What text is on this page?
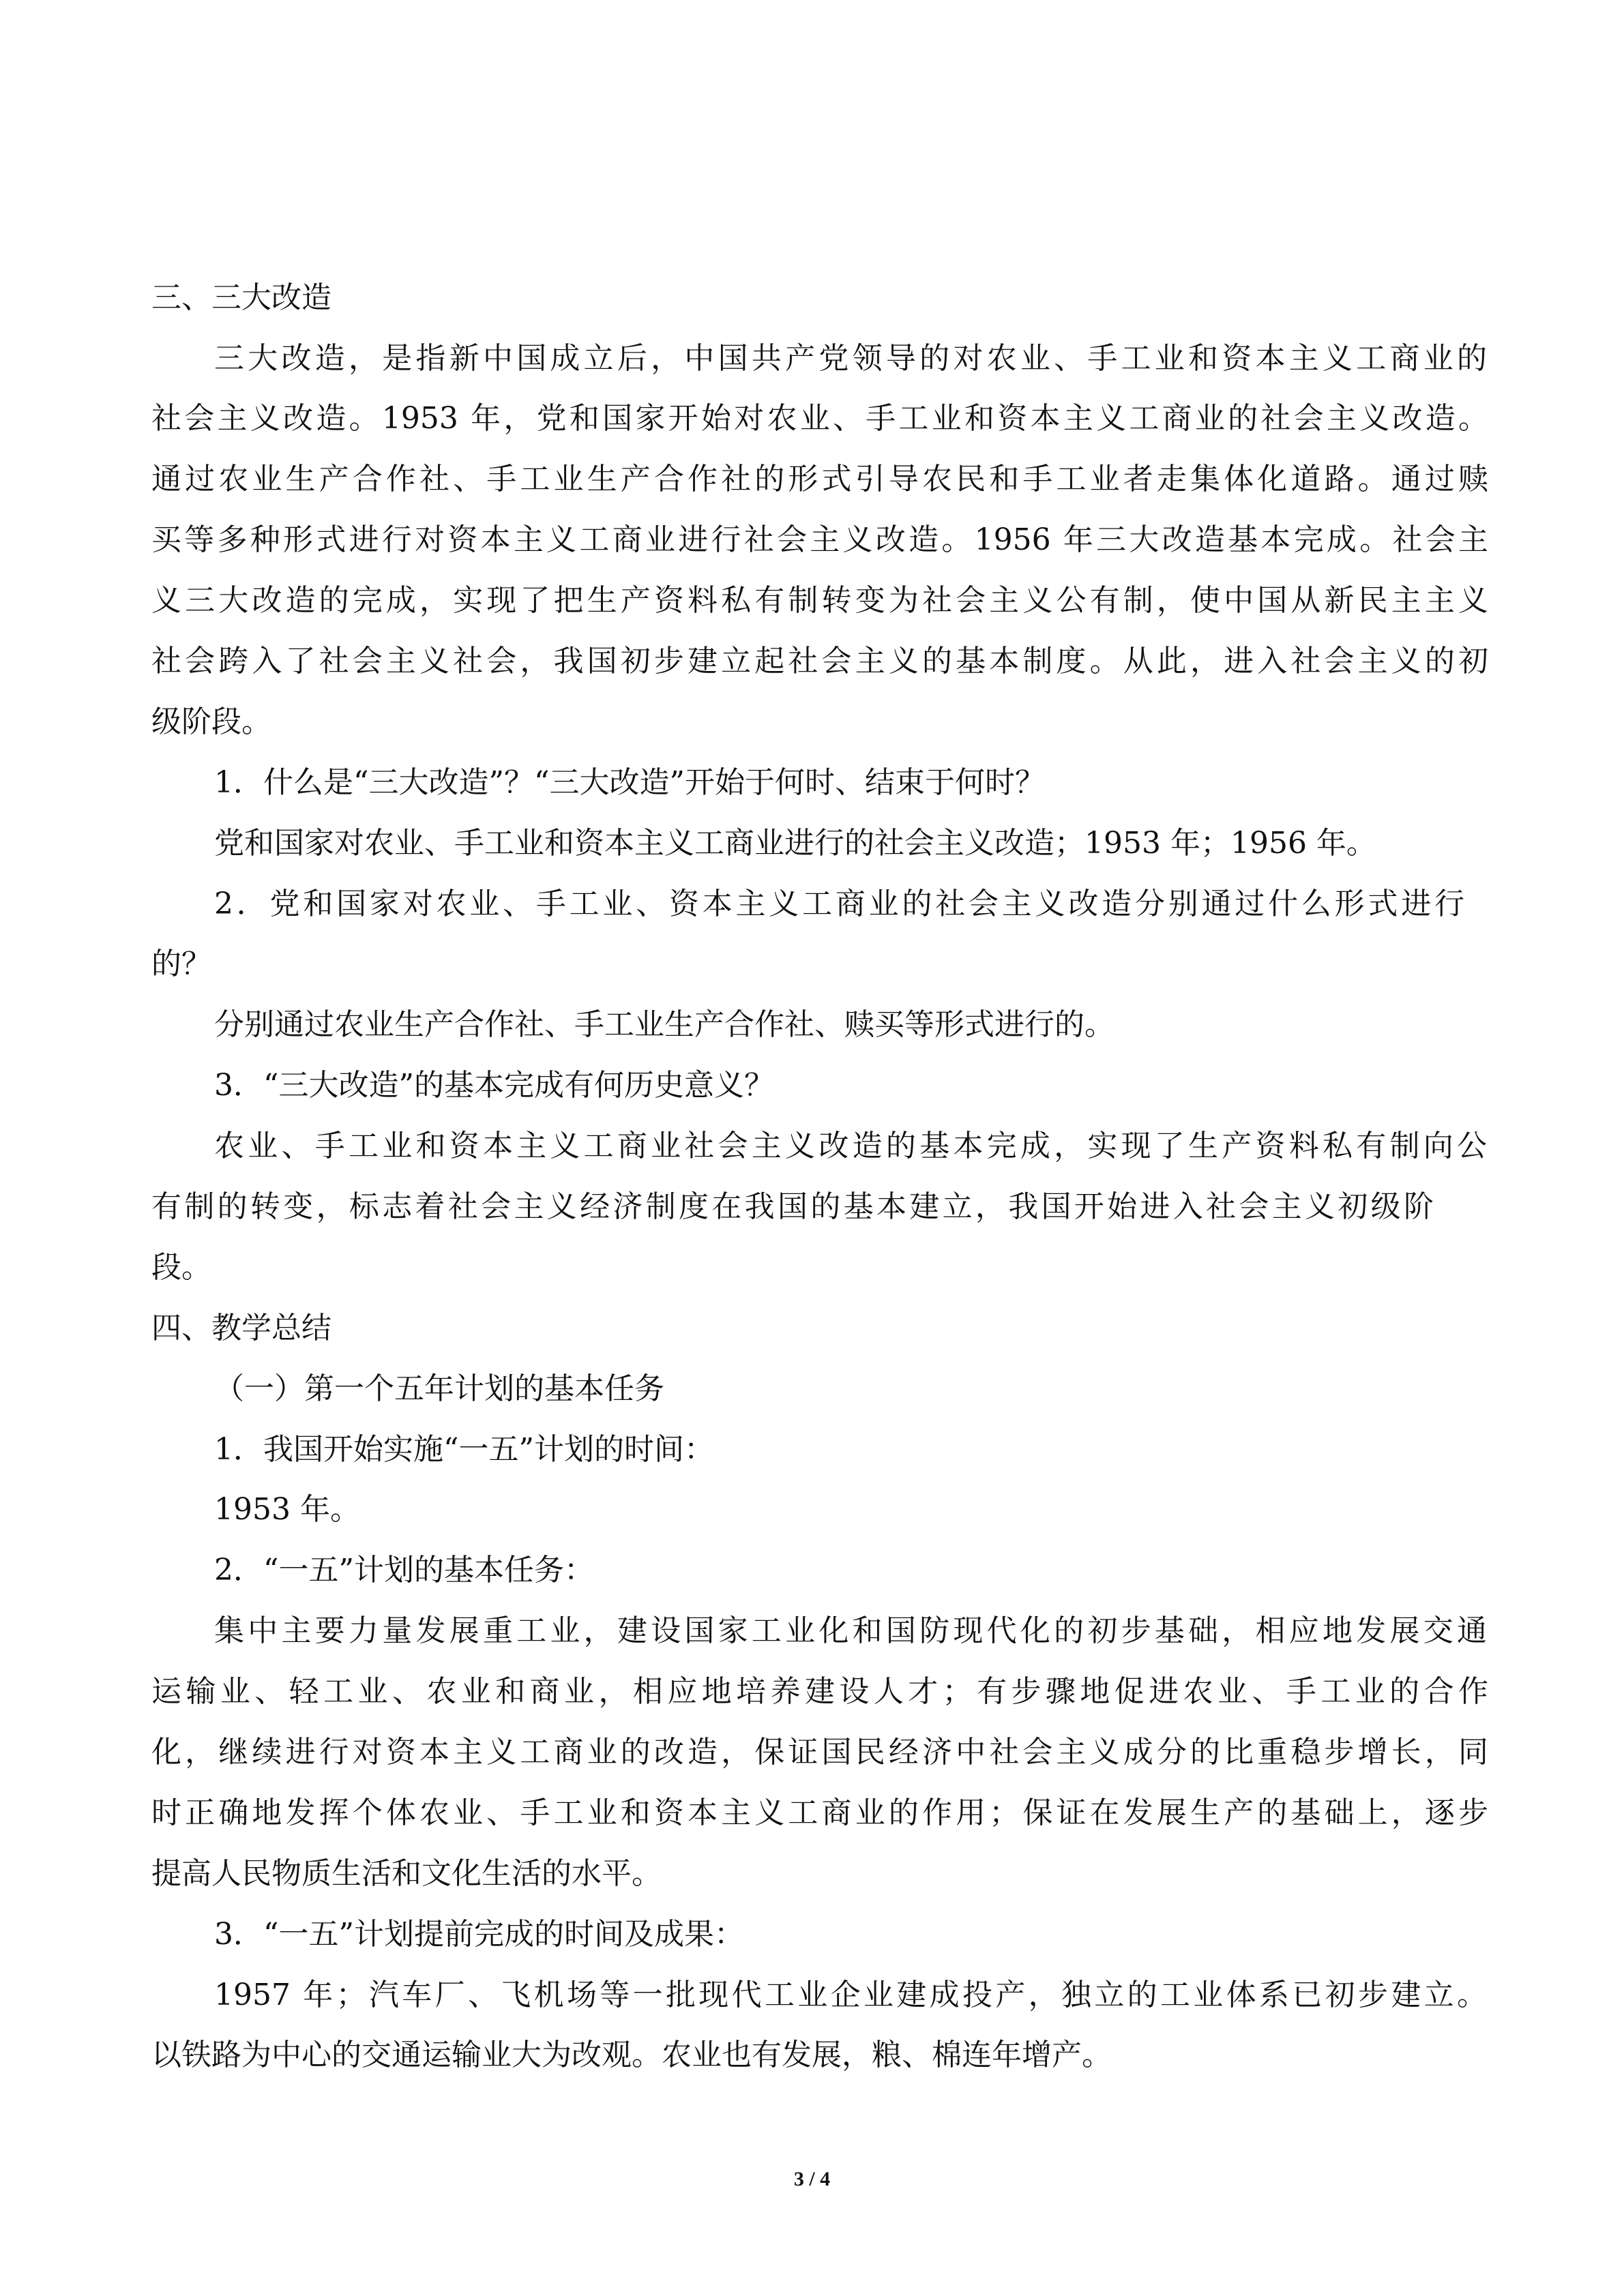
三、三大改造
三大改造，是指新中国成立后，中国共产党领导的对农业、手工业和资本主义工商业的
社会主义改造。1953 年，党和国家开始对农业、手工业和资本主义工商业的社会主义改造。
通过农业生产合作社、手工业生产合作社的形式引导农民和手工业者走集体化道路。通过赎
买等多种形式进行对资本主义工商业进行社会主义改造。1956 年三大改造基本完成。社会主
义三大改造的完成，实现了把生产资料私有制转变为社会主义公有制，使中国从新民主主义
社会跨入了社会主义社会，我国初步建立起社会主义的基本制度。从此，进入社会主义的初
级阶段。
1．什么是“三大改造”？“三大改造”开始于何时、结束于何时？
党和国家对农业、手工业和资本主义工商业进行的社会主义改造；1953 年；1956 年。
2．党和国家对农业、手工业、资本主义工商业的社会主义改造分别通过什么形式进行
的？
分别通过农业生产合作社、手工业生产合作社、赎买等形式进行的。
3．“三大改造”的基本完成有何历史意义？
农业、手工业和资本主义工商业社会主义改造的基本完成，实现了生产资料私有制向公
有制的转变，标志着社会主义经济制度在我国的基本建立，我国开始进入社会主义初级阶
段。
四、教学总结
（一）第一个五年计划的基本任务
1．我国开始实施“一五”计划的时间：
1953 年。
2．“一五”计划的基本任务：
集中主要力量发展重工业，建设国家工业化和国防现代化的初步基础，相应地发展交通
运输业、轻工业、农业和商业，相应地培养建设人才；有步骤地促进农业、手工业的合作
化，继续进行对资本主义工商业的改造，保证国民经济中社会主义成分的比重稳步增长，同
时正确地发挥个体农业、手工业和资本主义工商业的作用；保证在发展生产的基础上，逐步
提高人民物质生活和文化生活的水平。
3．“一五”计划提前完成的时间及成果：
1957 年；汽车厂、飞机场等一批现代工业企业建成投产，独立的工业体系已初步建立。
以铁路为中心的交通运输业大为改观。农业也有发展，粮、棉连年增产。
3 / 4
